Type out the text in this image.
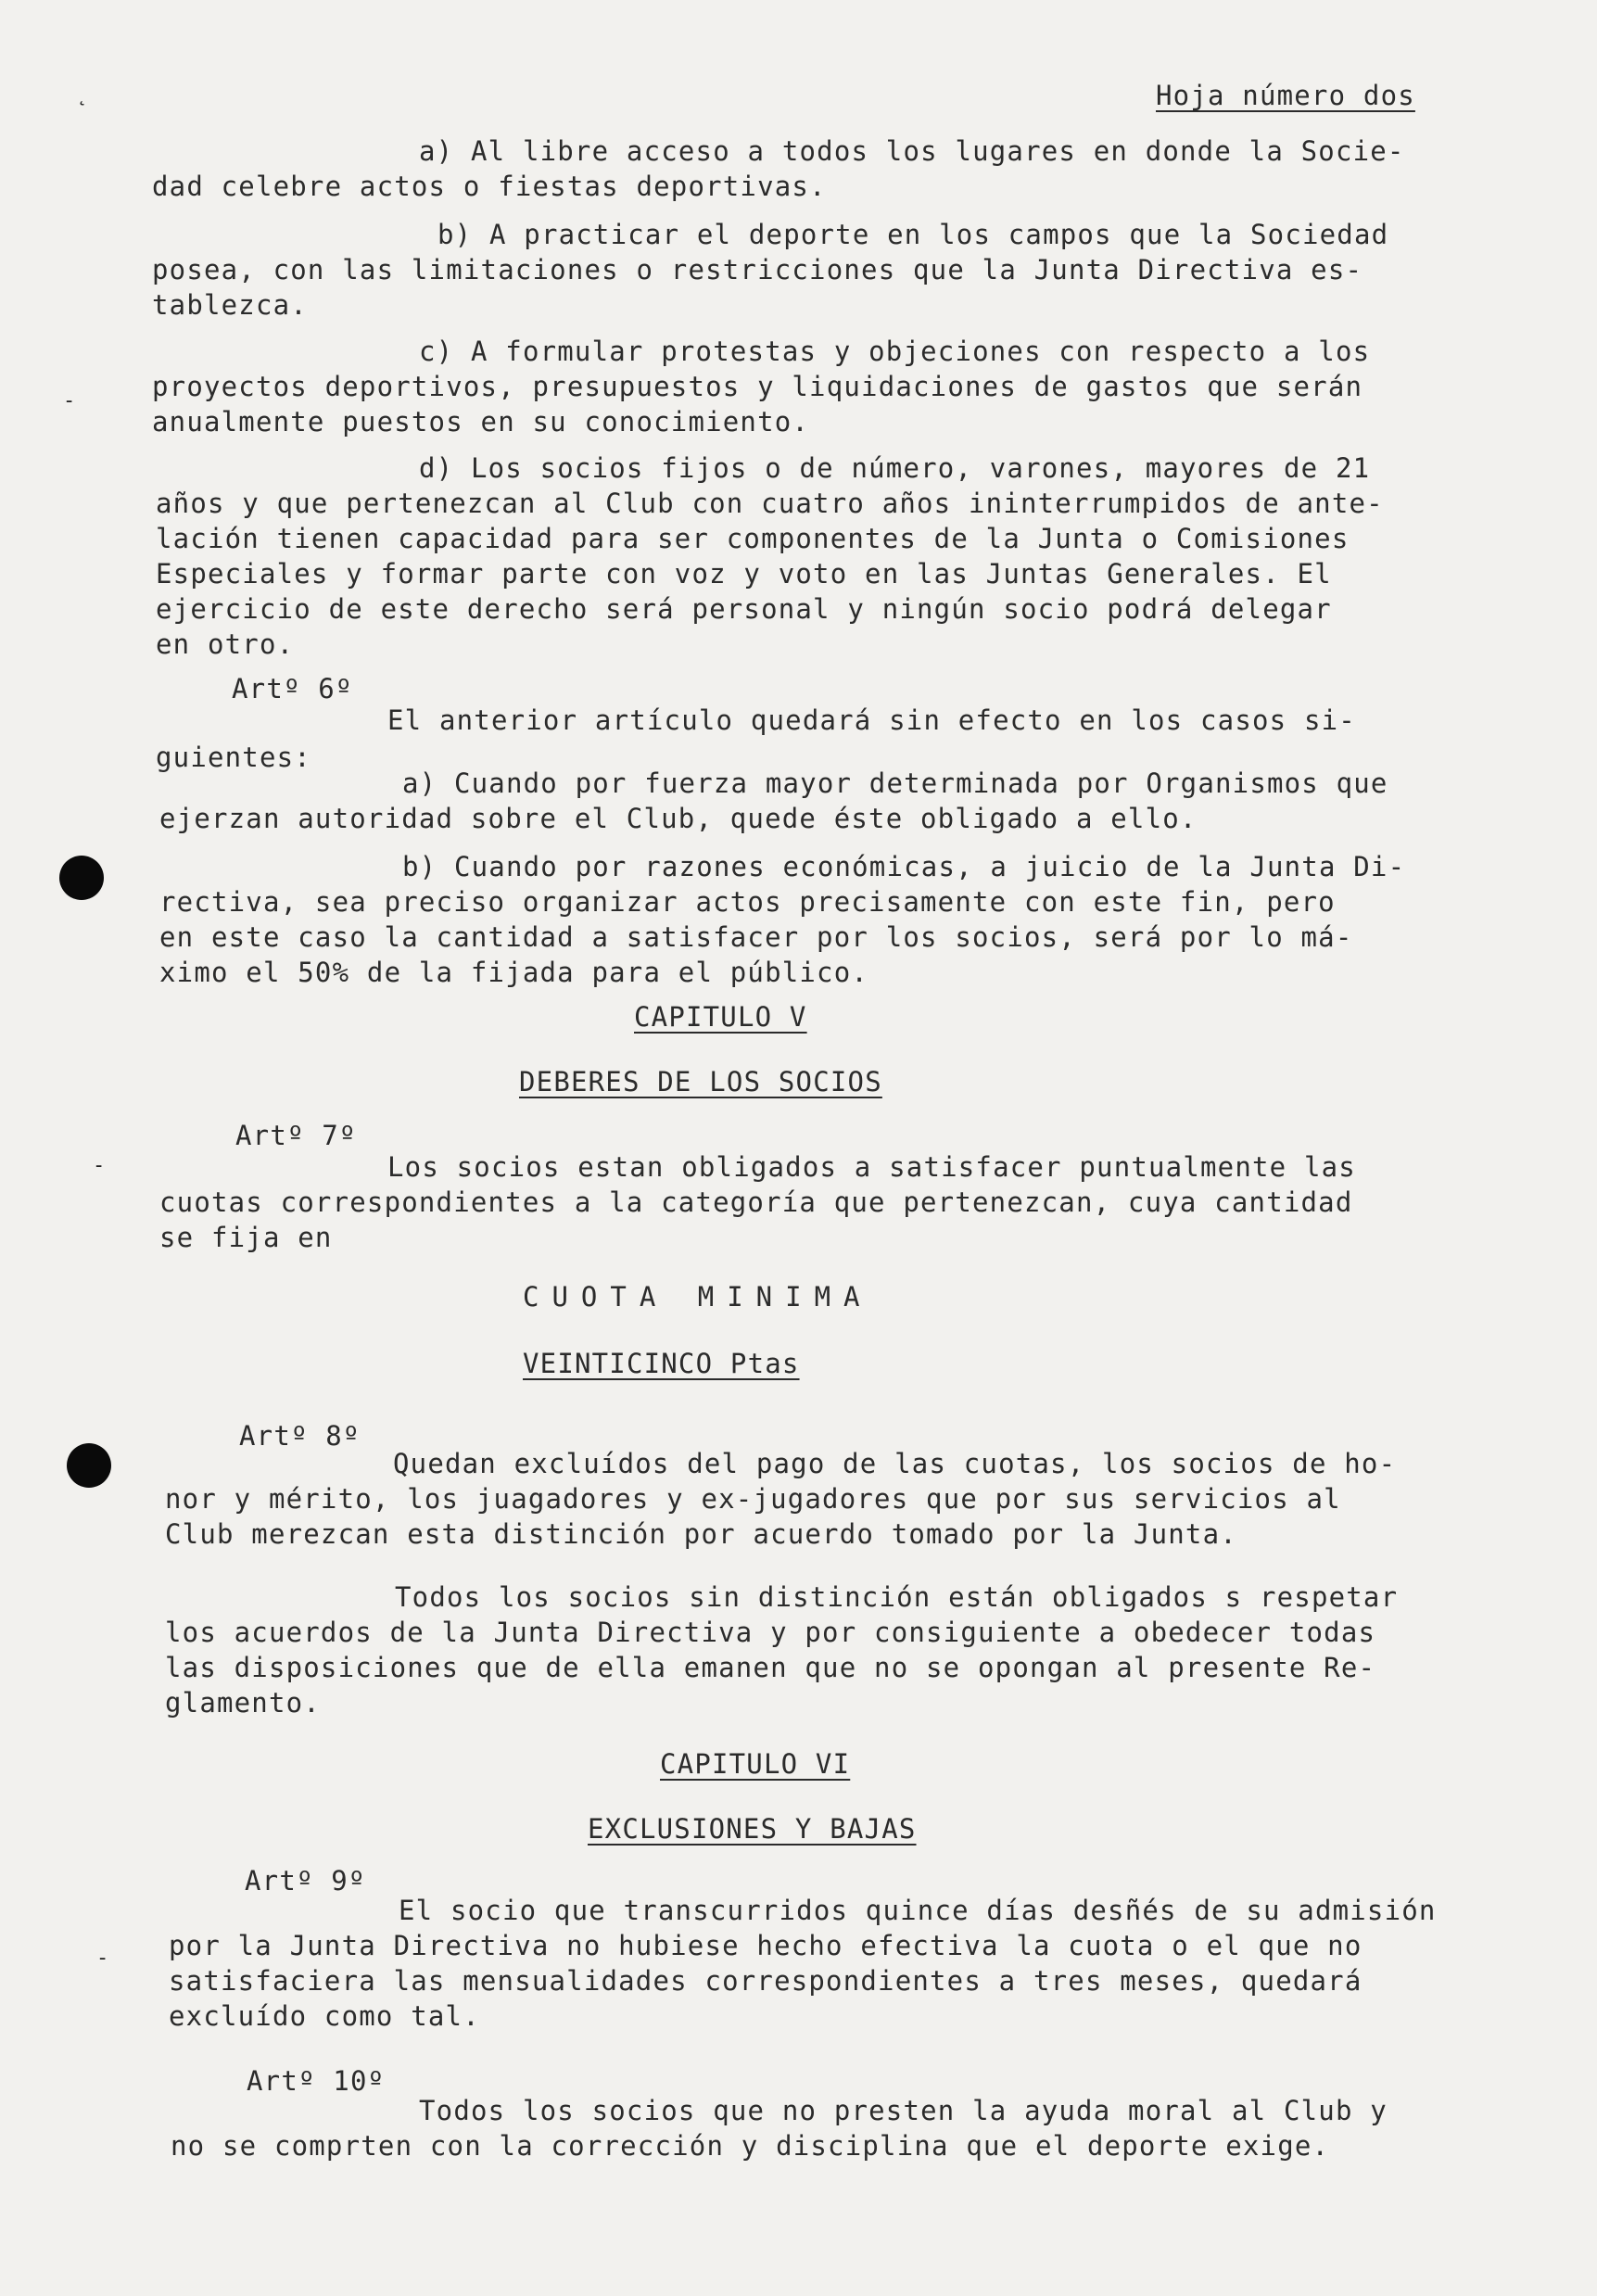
˛
-
-
-
Hoja número dos
a) Al libre acceso a todos los lugares en donde la Socie-
dad celebre actos o fiestas deportivas.
b) A practicar el deporte en los campos que la Sociedad
posea, con las limitaciones o restricciones que la Junta Directiva es-
tablezca.
c) A formular protestas y objeciones con respecto a los
proyectos deportivos, presupuestos y liquidaciones de gastos que serán
anualmente puestos en su conocimiento.
d) Los socios fijos o de número, varones, mayores de 21
años y que pertenezcan al Club con cuatro años ininterrumpidos de ante-
lación tienen capacidad para ser componentes de la Junta o Comisiones
Especiales y formar parte con voz y voto en las Juntas Generales. El
ejercicio de este derecho será personal y ningún socio podrá delegar
en otro.
Artº 6º
El anterior artículo quedará sin efecto en los casos si-
guientes:
a) Cuando por fuerza mayor determinada por Organismos que
ejerzan autoridad sobre el Club, quede éste obligado a ello.
b) Cuando por razones económicas, a juicio de la Junta Di-
rectiva, sea preciso organizar actos precisamente con este fin, pero
en este caso la cantidad a satisfacer por los socios, será por lo má-
ximo el 50% de la fijada para el público.
CAPITULO V
DEBERES DE LOS SOCIOS
Artº 7º
Los socios estan obligados a satisfacer puntualmente las
cuotas correspondientes a la categoría que pertenezcan, cuya cantidad
se fija en
CUOTA MINIMA
VEINTICINCO Ptas
Artº 8º
Quedan excluídos del pago de las cuotas, los socios de ho-
nor y mérito, los juagadores y ex-jugadores que por sus servicios al
Club merezcan esta distinción por acuerdo tomado por la Junta.
Todos los socios sin distinción están obligados s respetar
los acuerdos de la Junta Directiva y por consiguiente a obedecer todas
las disposiciones que de ella emanen que no se opongan al presente Re-
glamento.
CAPITULO VI
EXCLUSIONES Y BAJAS
Artº 9º
El socio que transcurridos quince días desñés de su admisión
por la Junta Directiva no hubiese hecho efectiva la cuota o el que no
satisfaciera las mensualidades correspondientes a tres meses, quedará
excluído como tal.
Artº 10º
Todos los socios que no presten la ayuda moral al Club y
no se comprten con la corrección y disciplina que el deporte exige.
